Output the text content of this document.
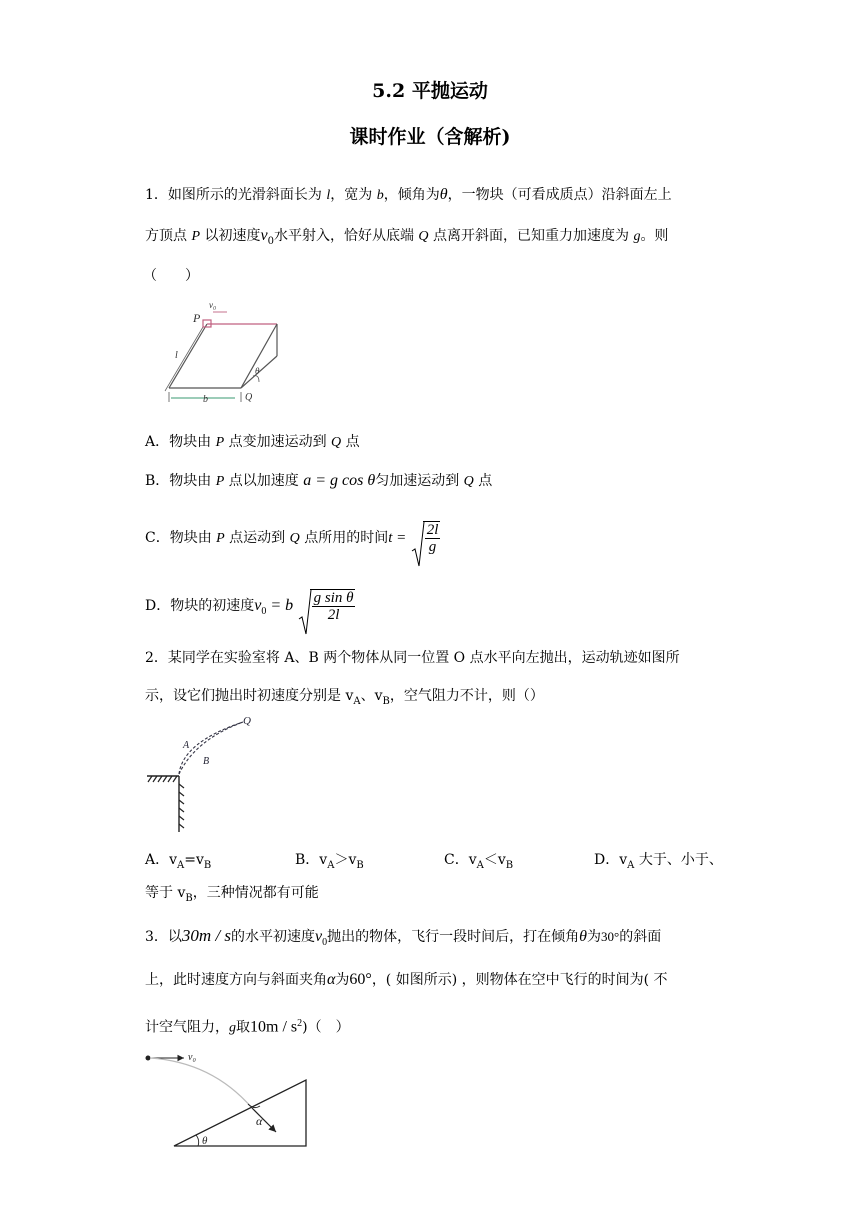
5.2 平抛运动
课时作业（含解析)
1．如图所示的光滑斜面长为 l，宽为 b，倾角为θ，一物块（可看成质点）沿斜面左上
方顶点 P 以初速度$v_0$水平射入，恰好从底端 Q 点离开斜面，已知重力加速度为 g。则
（　　）
P
v₀
l
b
θ
Q
A．物块由 P 点变加速运动到 Q 点
B．物块由 P 点以加速度 a = g cos θ匀加速运动到 Q 点
C．物块由 P 点运动到 Q 点所用的时间$t = \frac{2l}{g}$
D．物块的初速度$v_0 = b \frac{\text{g sin θ}}{2l}$
2．某同学在实验室将 A、B 两个物体从同一位置 O 点水平向左抛出，运动轨迹如图所
示，设它们抛出时初速度分别是 $v_A$、$v_B$，空气阻力不计，则（）
Q
A
B
A．$v_A=v_B$	B．$v_A>v_B$	C．$v_A<v_B$	D．$v_A$ 大于、小于、
等于 $v_B$，三种情况都有可能
3．以30m / s的水平初速度$v_0$抛出的物体，飞行一段时间后，打在倾角θ为30°的斜面
上，此时速度方向与斜面夹角α为60°，( 如图所示) ，则物体在空中飞行的时间为( 不
计空气阻力，g取$10m / s^2$)（　）
v₀
θ
α
